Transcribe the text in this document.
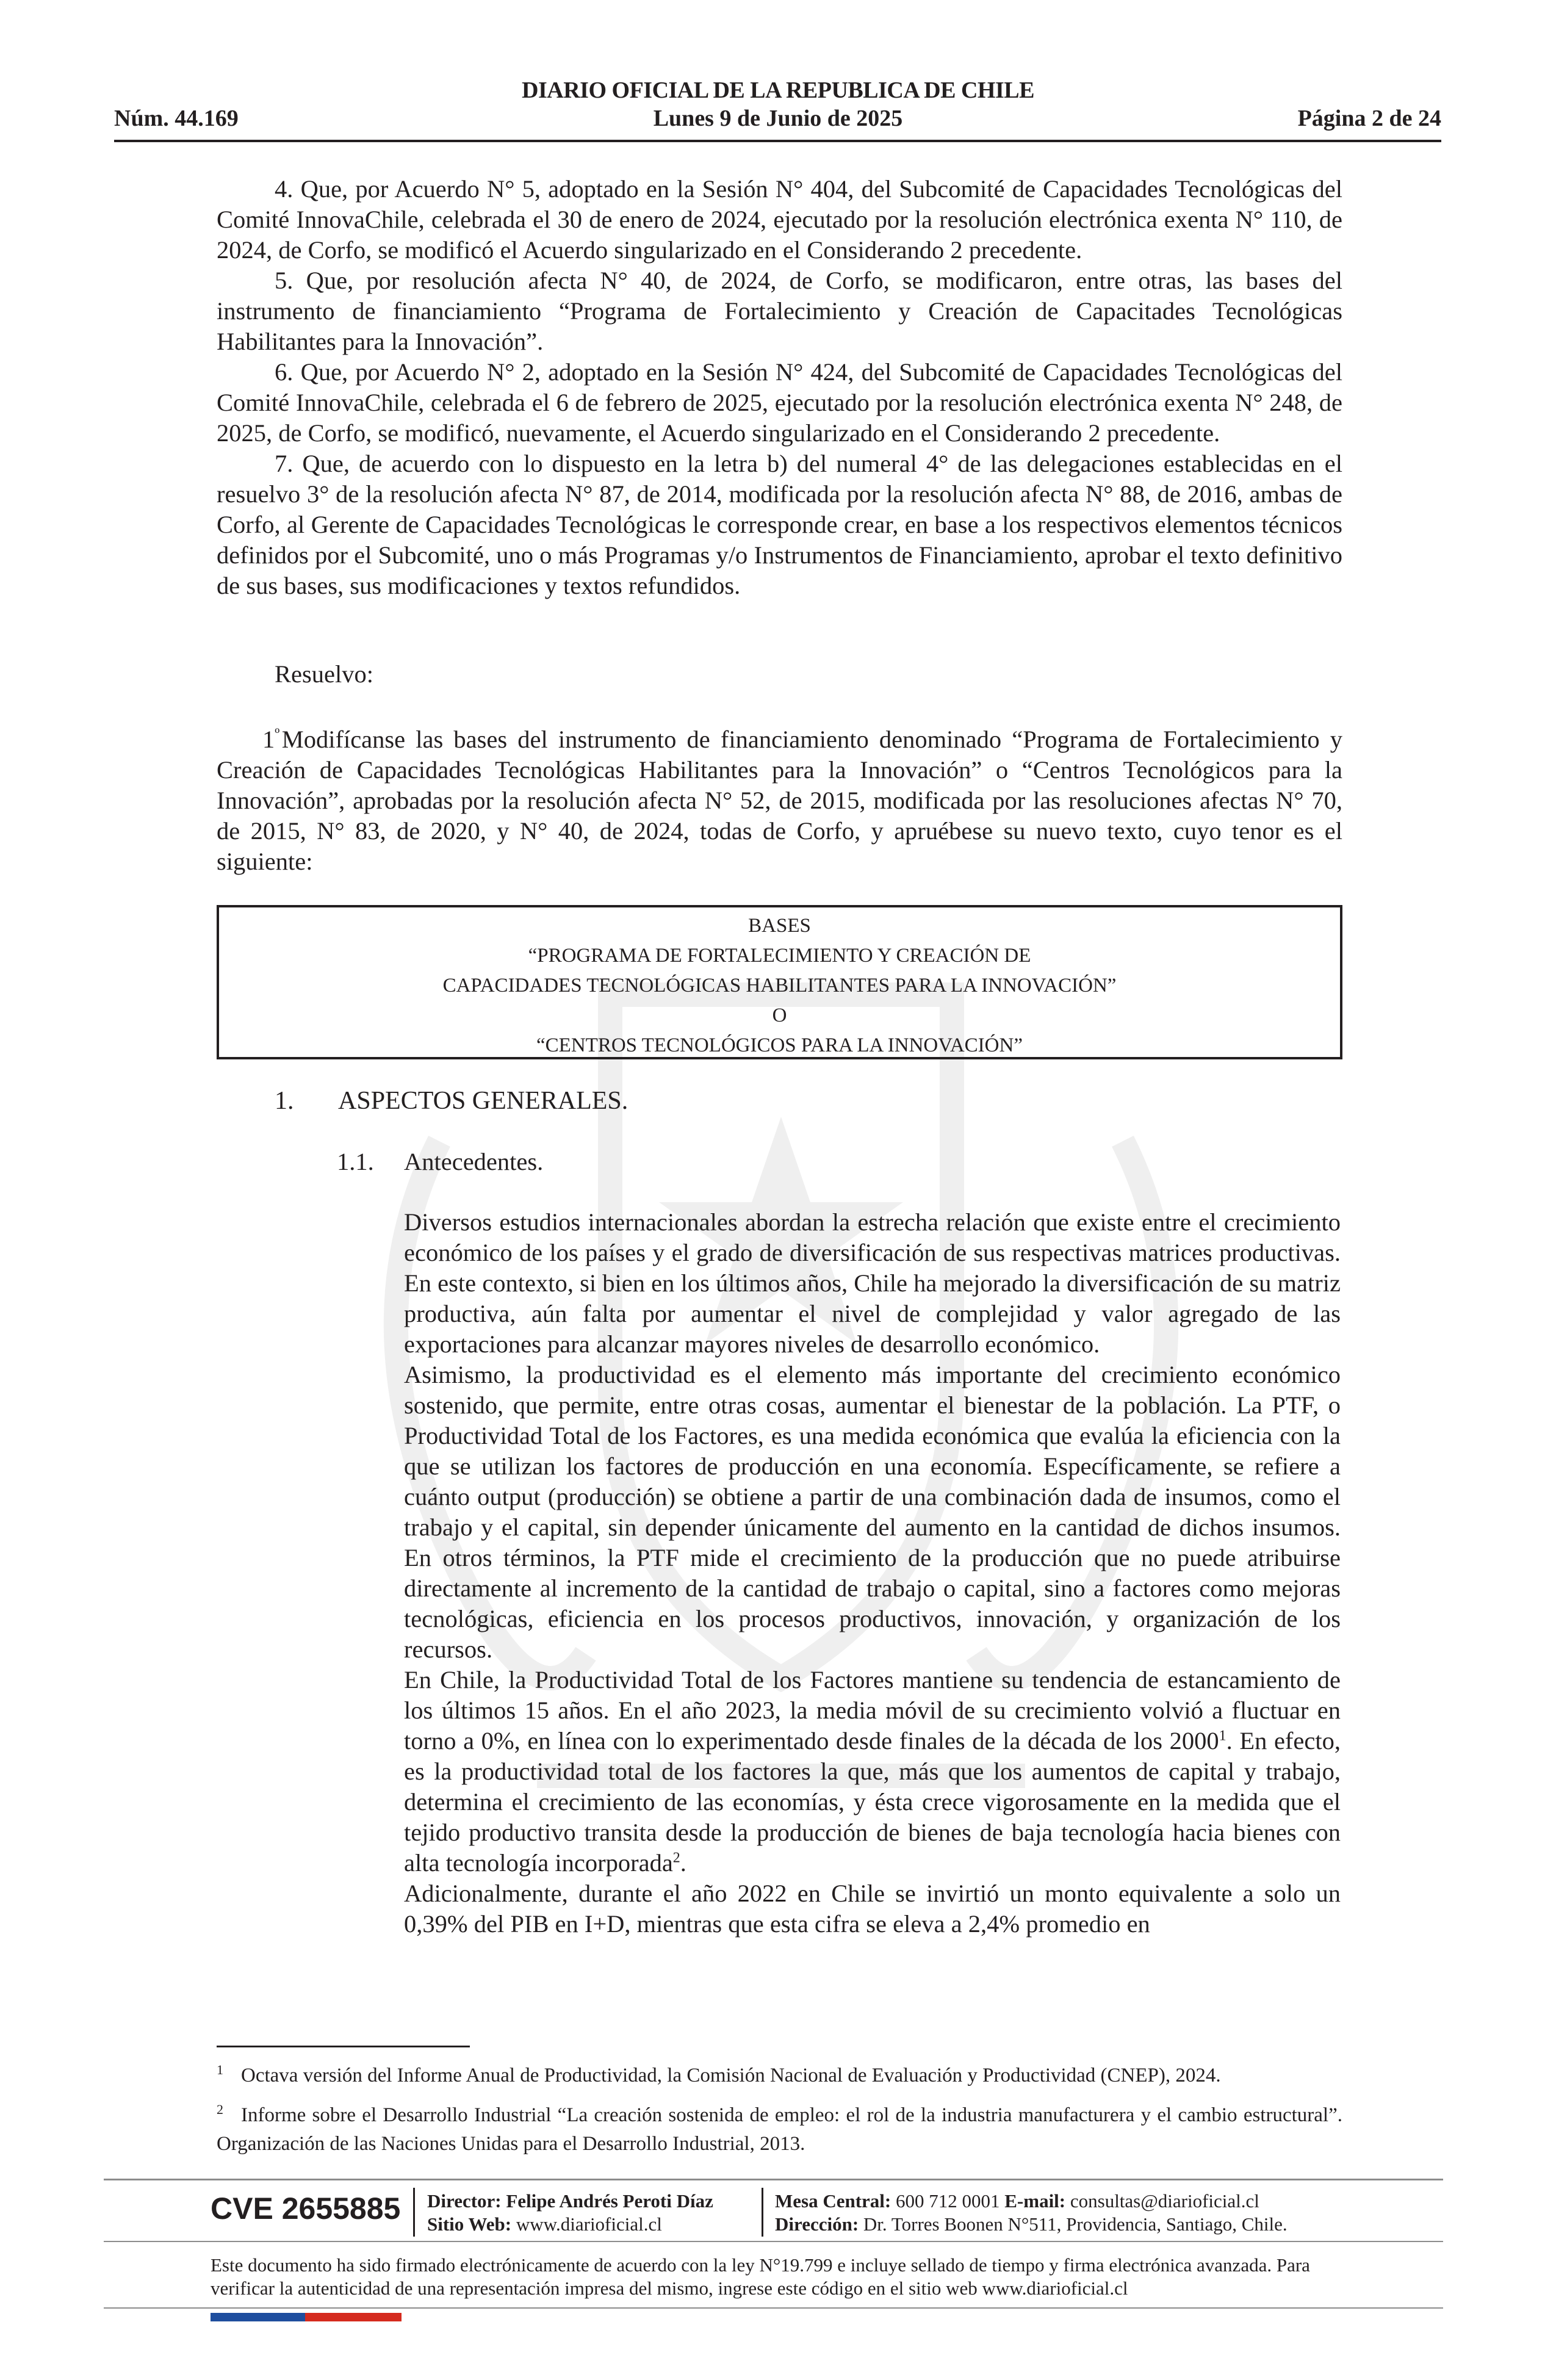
DIARIO OFICIAL DE LA REPUBLICA DE CHILE
Núm. 44.169	Lunes 9 de Junio de 2025	Página 2 de 24

4. Que, por Acuerdo N° 5, adoptado en la Sesión N° 404, del Subcomité de Capacidades Tecnológicas del Comité InnovaChile, celebrada el 30 de enero de 2024, ejecutado por la resolución electrónica exenta N° 110, de 2024, de Corfo, se modificó el Acuerdo singularizado en el Considerando 2 precedente.

5. Que, por resolución afecta N° 40, de 2024, de Corfo, se modificaron, entre otras, las bases del instrumento de financiamiento “Programa de Fortalecimiento y Creación de Capacitades Tecnológicas Habilitantes para la Innovación”.

6. Que, por Acuerdo N° 2, adoptado en la Sesión N° 424, del Subcomité de Capacidades Tecnológicas del Comité InnovaChile, celebrada el 6 de febrero de 2025, ejecutado por la resolución electrónica exenta N° 248, de 2025, de Corfo, se modificó, nuevamente, el Acuerdo singularizado en el Considerando 2 precedente.

7. Que, de acuerdo con lo dispuesto en la letra b) del numeral 4° de las delegaciones establecidas en el resuelvo 3° de la resolución afecta N° 87, de 2014, modificada por la resolución afecta N° 88, de 2016, ambas de Corfo, al Gerente de Capacidades Tecnológicas le corresponde crear, en base a los respectivos elementos técnicos definidos por el Subcomité, uno o más Programas y/o Instrumentos de Financiamiento, aprobar el texto definitivo de sus bases, sus modificaciones y textos refundidos.

Resuelvo:

$1^º$ Modifícanse las bases del instrumento de financiamiento denominado “Programa de Fortalecimiento y Creación de Capacidades Tecnológicas Habilitantes para la Innovación” o “Centros Tecnológicos para la Innovación”, aprobadas por la resolución afecta N° 52, de 2015, modificada por las resoluciones afectas N° 70, de 2015, N° 83, de 2020, y N° 40, de 2024, todas de Corfo, y apruébese su nuevo texto, cuyo tenor es el siguiente:

BASES
“PROGRAMA DE FORTALECIMIENTO Y CREACIÓN DE
CAPACIDADES TECNOLÓGICAS HABILITANTES PARA LA INNOVACIÓN”
O
“CENTROS TECNOLÓGICOS PARA LA INNOVACIÓN”
1. ASPECTOS GENERALES.
1.1. Antecedentes.

Diversos estudios internacionales abordan la estrecha relación que existe entre el crecimiento económico de los países y el grado de diversificación de sus respectivas matrices productivas. En este contexto, si bien en los últimos años, Chile ha mejorado la diversificación de su matriz productiva, aún falta por aumentar el nivel de complejidad y valor agregado de las exportaciones para alcanzar mayores niveles de desarrollo económico.

Asimismo, la productividad es el elemento más importante del crecimiento económico sostenido, que permite, entre otras cosas, aumentar el bienestar de la población. La PTF, o Productividad Total de los Factores, es una medida económica que evalúa la eficiencia con la que se utilizan los factores de producción en una economía. Específicamente, se refiere a cuánto output (producción) se obtiene a partir de una combinación dada de insumos, como el trabajo y el capital, sin depender únicamente del aumento en la cantidad de dichos insumos. En otros términos, la PTF mide el crecimiento de la producción que no puede atribuirse directamente al incremento de la cantidad de trabajo o capital, sino a factores como mejoras tecnológicas, eficiencia en los procesos productivos, innovación, y organización de los recursos.

En Chile, la Productividad Total de los Factores mantiene su tendencia de estancamiento de los últimos 15 años. En el año 2023, la media móvil de su crecimiento volvió a fluctuar en torno a 0%, en línea con lo experimentado desde finales de la década de los 2000$^1$. En efecto, es la productividad total de los factores la que, más que los aumentos de capital y trabajo, determina el crecimiento de las economías, y ésta crece vigorosamente en la medida que el tejido productivo transita desde la producción de bienes de baja tecnología hacia bienes con alta tecnología incorporada$^2$.

Adicionalmente, durante el año 2022 en Chile se invirtió un monto equivalente a solo un 0,39% del PIB en I+D, mientras que esta cifra se eleva a 2,4% promedio en

1 Octava versión del Informe Anual de Productividad, la Comisión Nacional de Evaluación y Productividad (CNEP), 2024.

2 Informe sobre el Desarrollo Industrial “La creación sostenida de empleo: el rol de la industria manufacturera y el cambio estructural”. Organización de las Naciones Unidas para el Desarrollo Industrial, 2013.

CVE 2655885 Director: Felipe Andrés Peroti Díaz
Sitio Web: www.diarioficial.cl
Mesa Central: 600 712 0001 E-mail: consultas@diarioficial.cl
Dirección: Dr. Torres Boonen N°511, Providencia, Santiago, Chile.
Este documento ha sido firmado electrónicamente de acuerdo con la ley N°19.799 e incluye sellado de tiempo y firma electrónica avanzada. Para verificar la autenticidad de una representación impresa del mismo, ingrese este código en el sitio web www.diarioficial.cl
